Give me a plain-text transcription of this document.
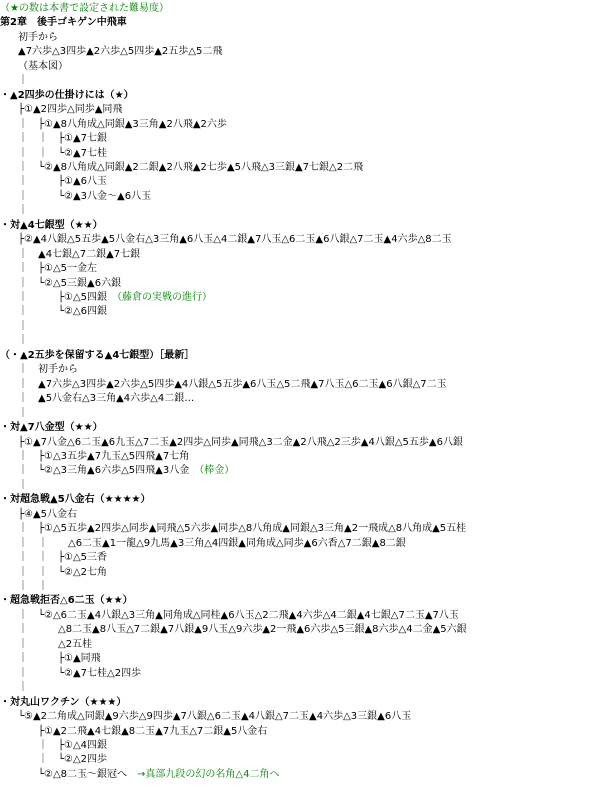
（★の数は本書で設定された難易度）
第2章　後手ゴキゲン中飛車
初手から
▲7六歩△3四歩▲2六歩△5四歩▲2五歩△5二飛
（基本図）
｜
・▲2四歩の仕掛けには（★）
├①▲2四歩△同歩▲同飛
｜　├①▲8八角成△同銀▲3三角▲2八飛▲2六歩
｜　｜　├①▲7七銀
｜　｜　└②▲7七桂
｜　└②▲8八角成△同銀▲2二銀▲2八飛▲2七歩▲5八飛△3三銀▲7七銀△2二飛
｜　　　├①▲6八玉
｜　　　└②▲3八金～▲6八玉
｜
・対▲4七銀型（★★）
├②▲4八銀△5五歩▲5八金右△3三角▲6八玉△4二銀▲7八玉△6二玉▲6八銀△7二玉▲4六歩△8二玉
｜　▲4七銀△7二銀▲7七銀
｜　├①△5一金左
｜　└②△5三銀▲6六銀
｜　　　├①△5四銀　（藤倉の実戦の進行）
｜　　　└②△6四銀
｜
｜
（・▲2五歩を保留する▲4七銀型）［最新］
｜　初手から
｜　▲7六歩△3四歩▲2六歩△5四歩▲4八銀△5五歩▲6八玉△5二飛▲7八玉△6二玉▲6八銀△7二玉
｜　▲5八金右△3三角▲4六歩△4二銀…
｜
・対▲7八金型（★★）
├①▲7八金△6二玉▲6九玉△7二玉▲2四歩△同歩▲同飛△3二金▲2八飛△2三歩▲4八銀△5五歩▲6八銀
｜　├①△3五歩▲7九玉△5四飛▲7七角
｜　└②△3三角▲6六歩△5四飛▲3八金　（棒金）
｜
・対超急戦▲5八金右（★★★★）
├④▲5八金右
｜　├①△5五歩▲2四歩△同歩▲同飛△5六歩▲同歩△8八角成▲同銀△3三角▲2一飛成△8八角成▲5五桂
｜　｜　　△6二玉▲1一龍△9九馬▲3三角△4四銀▲同角成△同歩▲6六香△7二銀▲8二銀
｜　｜　├①△5三香
｜　｜　└②△2七角
｜　｜
・超急戦拒否△6二玉（★★）
｜　└②△6二玉▲4八銀△3三角▲同角成△同桂▲6八玉△2二飛▲4六歩△4二銀▲4七銀△7二玉▲7八玉
｜　　　△8二玉▲8八玉△7二銀▲7八銀▲9八玉△9六歩▲2一飛▲6六歩△5三銀▲8六歩△4二金▲5六銀
｜　　　△2五桂
｜　　　├①▲同飛
｜　　　└②▲7七桂△2四歩
｜
・対丸山ワクチン（★★★）
└⑤▲2二角成△同銀▲9六歩△9四歩▲7八銀△6二玉▲4八銀△7二玉▲4六歩△3三銀▲6八玉
　　├①▲2二飛▲4七銀▲8二玉▲7九玉△7二銀▲5八金右
　　｜　├①△4四銀
　　｜　└②△2四歩
　　└②△8二玉～銀冠へ　→真部九段の幻の名角△4二角へ
